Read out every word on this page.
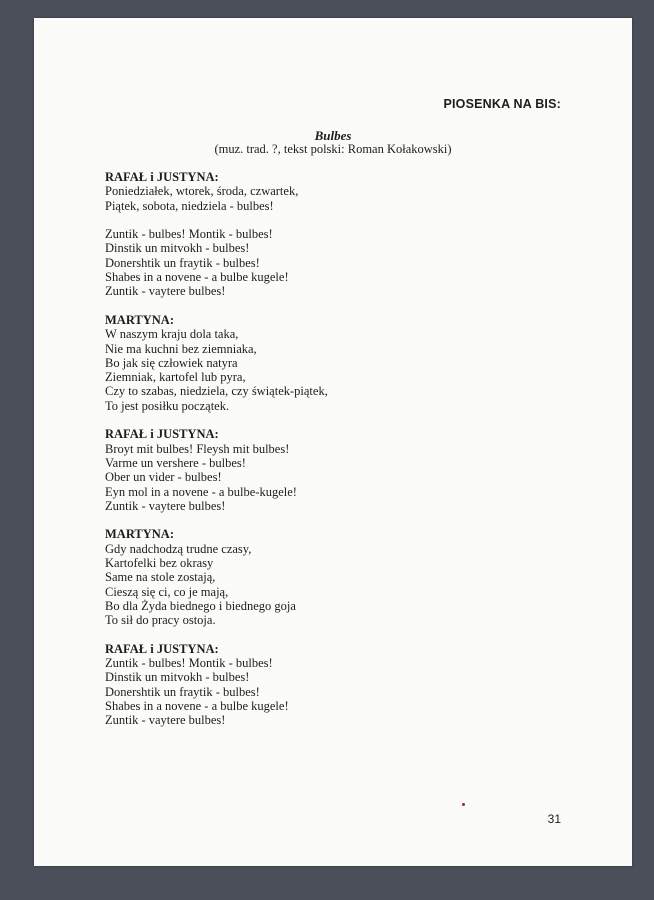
PIOSENKA NA BIS:
Bulbes
(muz. trad. ?, tekst polski: Roman Kołakowski)
RAFAŁ i JUSTYNA:
Poniedziałek, wtorek, środa, czwartek,
Piątek, sobota, niedziela - bulbes!
Zuntik - bulbes! Montik - bulbes!
Dinstik un mitvokh - bulbes!
Donershtik un fraytik - bulbes!
Shabes in a novene - a bulbe kugele!
Zuntik - vaytere bulbes!
MARTYNA:
W naszym kraju dola taka,
Nie ma kuchni bez ziemniaka,
Bo jak się człowiek natyra
Ziemniak, kartofel lub pyra,
Czy to szabas, niedziela, czy świątek-piątek,
To jest posiłku początek.
RAFAŁ i JUSTYNA:
Broyt mit bulbes! Fleysh mit bulbes!
Varme un vershere - bulbes!
Ober un vider - bulbes!
Eyn mol in a novene - a bulbe-kugele!
Zuntik - vaytere bulbes!
MARTYNA:
Gdy nadchodzą trudne czasy,
Kartofelki bez okrasy
Same na stole zostają,
Cieszą się ci, co je mają,
Bo dla Żyda biednego i biednego goja
To sił do pracy ostoja.
RAFAŁ i JUSTYNA:
Zuntik - bulbes! Montik - bulbes!
Dinstik un mitvokh - bulbes!
Donershtik un fraytik - bulbes!
Shabes in a novene - a bulbe kugele!
Zuntik - vaytere bulbes!
31
